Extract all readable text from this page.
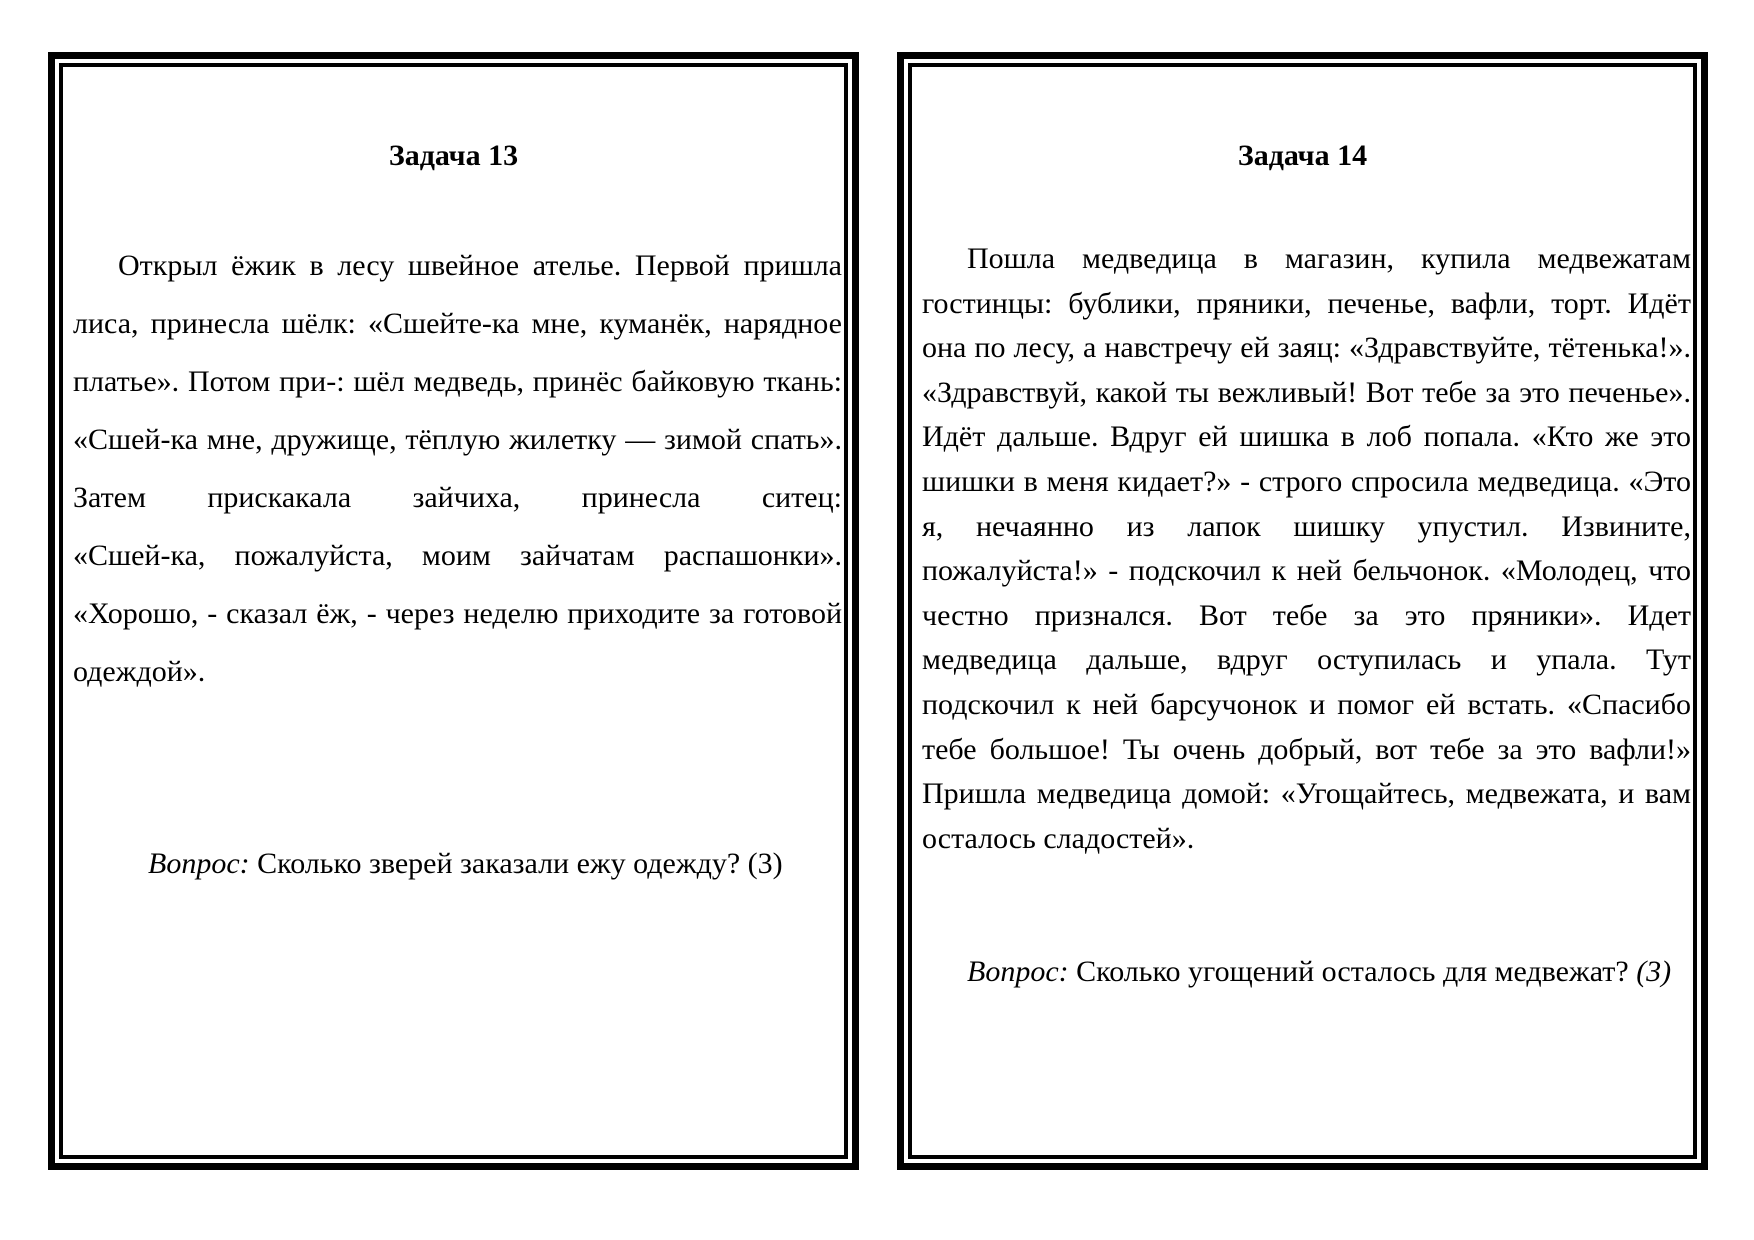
Задача 13

Открыл ёжик в лесу швейное ателье. Первой пришла лиса, принесла шёлк: «Сшейте-ка мне, куманёк, нарядное платье». Потом при-: шёл медведь, принёс байковую ткань: «Сшей-ка мне, дружище, тёплую жилетку — зимой спать». Затем прискакала зайчиха, принесла ситец:

«Сшей-ка, пожалуйста, моим зайчатам распашонки». «Хорошо, - сказал ёж, - через неделю приходите за готовой одеждой».

Вопрос: Сколько зверей заказали ежу одежду? (3)

Задача 14

Пошла медведица в магазин, купила медвежатам гостинцы: бублики, пряники, печенье, вафли, торт. Идёт она по лесу, а навстречу ей заяц: «Здравствуйте, тётенька!». «Здравствуй, какой ты вежливый! Вот тебе за это печенье». Идёт дальше. Вдруг ей шишка в лоб попала. «Кто же это шишки в меня кидает?» - строго спросила медведица. «Это я, нечаянно из лапок шишку упустил. Извините, пожалуйста!» - подскочил к ней бельчонок. «Молодец, что честно признался. Вот тебе за это пряники». Идет медведица дальше, вдруг оступилась и упала. Тут подскочил к ней барсучонок и помог ей встать. «Спасибо тебе большое! Ты очень добрый, вот тебе за это вафли!» Пришла медведица домой: «Угощайтесь, медвежата, и вам осталось сладостей».

Вопрос: Сколько угощений осталось для медвежат? (3)
